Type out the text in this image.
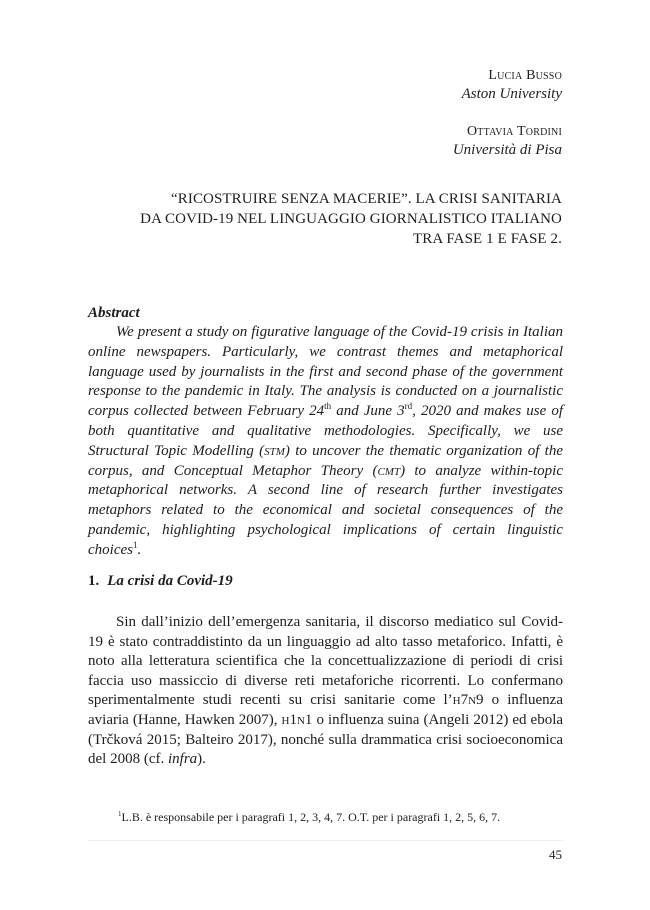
Lucia Busso
Aston University
Ottavia Tordini
Università di Pisa
“RICOSTRUIRE SENZA MACERIE”. LA CRISI SANITARIA
DA COVID-19 NEL LINGUAGGIO GIORNALISTICO ITALIANO
TRA FASE 1 E FASE 2.
Abstract

We present a study on figurative language of the Covid-19 crisis in Italian online newspapers. Particularly, we contrast themes and metaphorical language used by journalists in the first and second phase of the government response to the pandemic in Italy. The analysis is conducted on a journalistic corpus collected between February 24th and June 3rd, 2020 and makes use of both quantitative and qualitative methodologies. Specifically, we use Structural Topic Modelling (stm) to uncover the thematic organization of the corpus, and Conceptual Metaphor Theory (cmt) to analyze within-topic metaphorical networks. A second line of research further investigates metaphors related to the economical and societal consequences of the pandemic, highlighting psychological implications of certain linguistic choices$^1$.

1. La crisi da Covid-19

Sin dall’inizio dell’emergenza sanitaria, il discorso mediatico sul Covid-19 è stato contraddistinto da un linguaggio ad alto tasso metaforico. Infatti, è noto alla letteratura scientifica che la concettualizzazione di periodi di crisi faccia uso massiccio di diverse reti metaforiche ricorrenti. Lo confermano sperimentalmente studi recenti su crisi sanitarie come l’h7n9 o influenza aviaria (Hanne, Hawken 2007), h1n1 o influenza suina (Angeli 2012) ed ebola (Trčková 2015; Balteiro 2017), nonché sulla drammatica crisi socioeconomica del 2008 (cf. infra).

$^1$L.B. è responsabile per i paragrafi 1, 2, 3, 4, 7. O.T. per i paragrafi 1, 2, 5, 6, 7.
45
